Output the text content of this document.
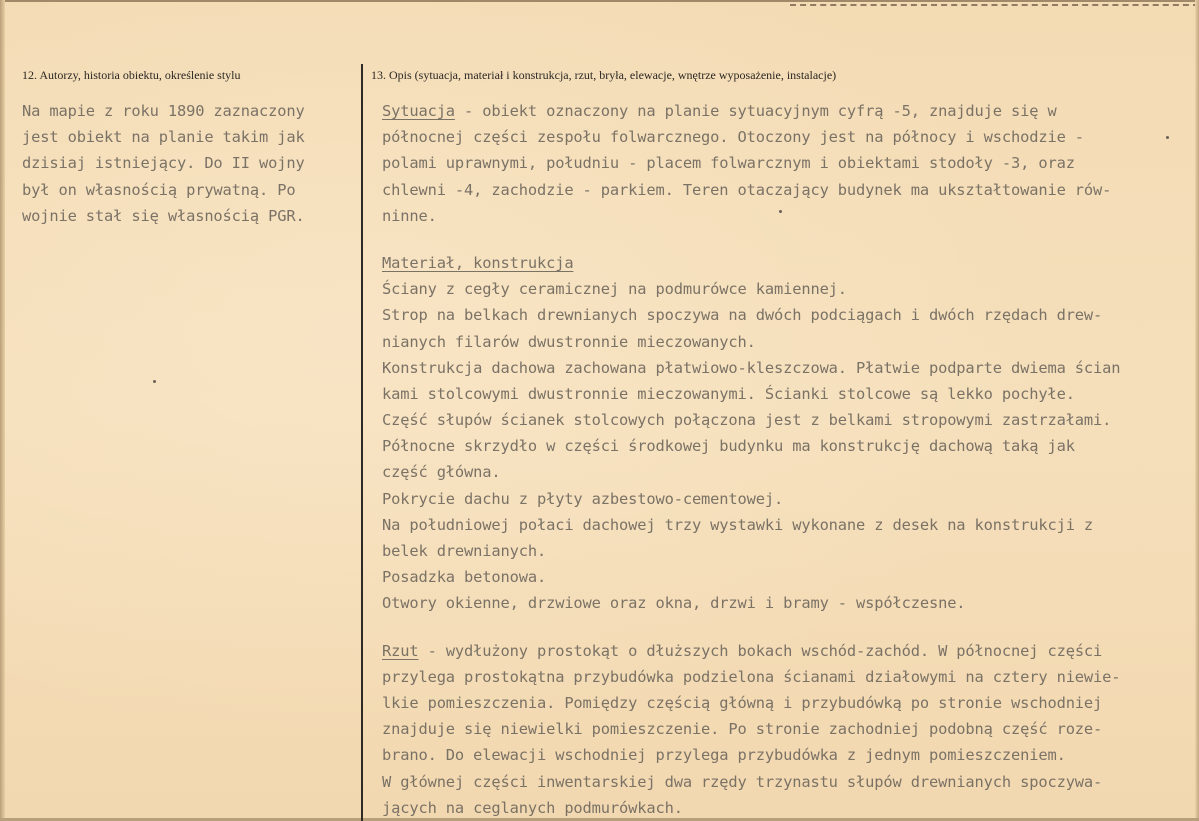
12. Autorzy, historia obiektu, określenie stylu	13. Opis (sytuacja, materiał i konstrukcja, rzut, bryła, elewacje, wnętrze wyposażenie, instalacje)
Na mapie z roku 1890 zaznaczony
jest obiekt na planie takim jak
dzisiaj istniejący. Do II wojny
był on własnością prywatną. Po
wojnie stał się własnością PGR.
Sytuacja - obiekt oznaczony na planie sytuacyjnym cyfrą -5, znajduje się w
północnej części zespołu folwarcznego. Otoczony jest na północy i wschodzie -
polami uprawnymi, południu - placem folwarcznym i obiektami stodoły -3, oraz
chlewni -4, zachodzie - parkiem. Teren otaczający budynek ma ukształtowanie rów-
ninne.
Materiał, konstrukcja
Ściany z cegły ceramicznej na podmurówce kamiennej.
Strop na belkach drewnianych spoczywa na dwóch podciągach i dwóch rzędach drew-
nianych filarów dwustronnie mieczowanych.
Konstrukcja dachowa zachowana płatwiowo-kleszczowa. Płatwie podparte dwiema ścian
kami stolcowymi dwustronnie mieczowanymi. Ścianki stolcowe są lekko pochyłe.
Część słupów ścianek stolcowych połączona jest z belkami stropowymi zastrzałami.
Północne skrzydło w części środkowej budynku ma konstrukcję dachową taką jak
część główna.
Pokrycie dachu z płyty azbestowo-cementowej.
Na południowej połaci dachowej trzy wystawki wykonane z desek na konstrukcji z
belek drewnianych.
Posadzka betonowa.
Otwory okienne, drzwiowe oraz okna, drzwi i bramy - współczesne.
Rzut - wydłużony prostokąt o dłuższych bokach wschód-zachód. W północnej części
przylega prostokątna przybudówka podzielona ścianami działowymi na cztery niewie-
lkie pomieszczenia. Pomiędzy częścią główną i przybudówką po stronie wschodniej
znajduje się niewielki pomieszczenie. Po stronie zachodniej podobną część roze-
brano. Do elewacji wschodniej przylega przybudówka z jednym pomieszczeniem.
W głównej części inwentarskiej dwa rzędy trzynastu słupów drewnianych spoczywa-
jących na ceglanych podmurówkach.
